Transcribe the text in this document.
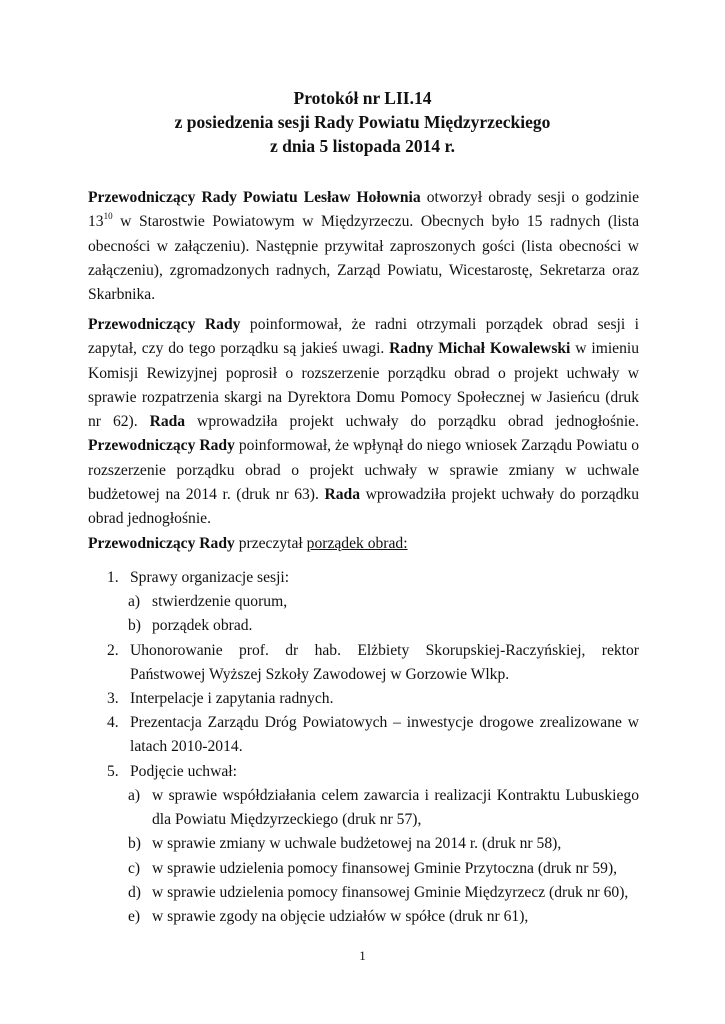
Protokół nr LII.14
z posiedzenia sesji Rady Powiatu Międzyrzeckiego
z dnia 5 listopada 2014 r.
Przewodniczący Rady Powiatu Lesław Hołownia otworzył obrady sesji o godzinie $13^{10}$ w Starostwie Powiatowym w Międzyrzeczu. Obecnych było 15 radnych (lista obecności w załączeniu). Następnie przywitał zaproszonych gości (lista obecności w załączeniu), zgromadzonych radnych, Zarząd Powiatu, Wicestarostę, Sekretarza oraz Skarbnika.
Przewodniczący Rady poinformował, że radni otrzymali porządek obrad sesji i zapytał, czy do tego porządku są jakieś uwagi. Radny Michał Kowalewski w imieniu Komisji Rewizyjnej poprosił o rozszerzenie porządku obrad o projekt uchwały w sprawie rozpatrzenia skargi na Dyrektora Domu Pomocy Społecznej w Jasieńcu (druk nr 62). Rada wprowadziła projekt uchwały do porządku obrad jednogłośnie. Przewodniczący Rady poinformował, że wpłynął do niego wniosek Zarządu Powiatu o rozszerzenie porządku obrad o projekt uchwały w sprawie zmiany w uchwale budżetowej na 2014 r. (druk nr 63). Rada wprowadziła projekt uchwały do porządku obrad jednogłośnie.
Przewodniczący Rady przeczytał porządek obrad:
1. Sprawy organizacje sesji:
a) stwierdzenie quorum,
b) porządek obrad.
2. Uhonorowanie prof. dr hab. Elżbiety Skorupskiej-Raczyńskiej, rektor Państwowej Wyższej Szkoły Zawodowej w Gorzowie Wlkp.
3. Interpelacje i zapytania radnych.
4. Prezentacja Zarządu Dróg Powiatowych – inwestycje drogowe zrealizowane w latach 2010-2014.
5. Podjęcie uchwał:
a) w sprawie współdziałania celem zawarcia i realizacji Kontraktu Lubuskiego dla Powiatu Międzyrzeckiego (druk nr 57),
b) w sprawie zmiany w uchwale budżetowej na 2014 r. (druk nr 58),
c) w sprawie udzielenia pomocy finansowej Gminie Przytoczna (druk nr 59),
d) w sprawie udzielenia pomocy finansowej Gminie Międzyrzecz (druk nr 60),
e) w sprawie zgody na objęcie udziałów w spółce (druk nr 61),
1
